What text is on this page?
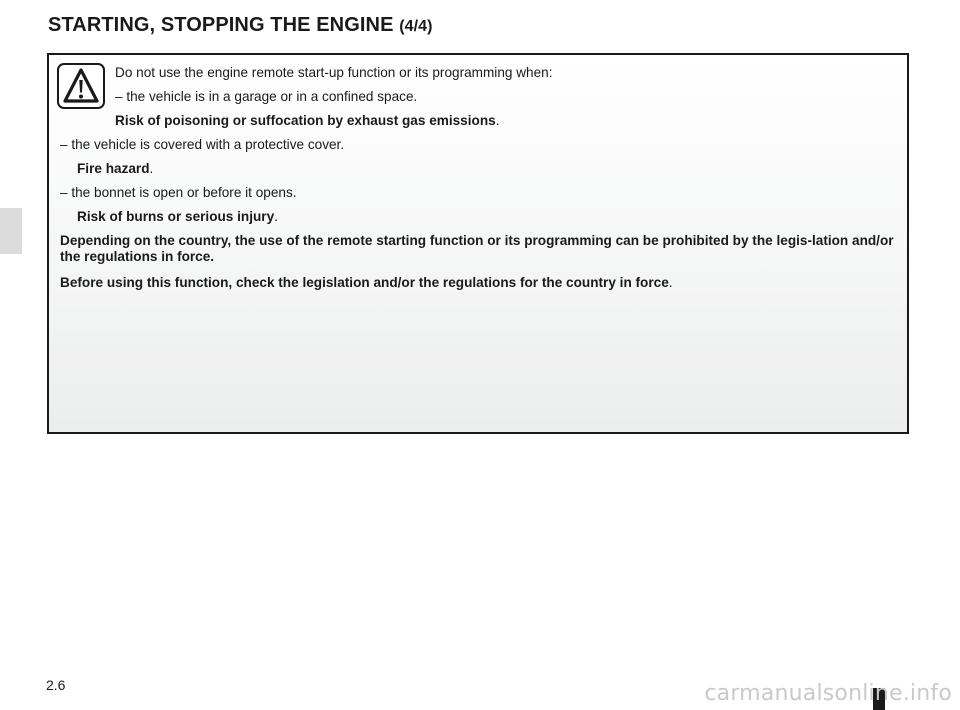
STARTING, STOPPING THE ENGINE (4/4)

Do not use the engine remote start-up function or its programming when:

– the vehicle is in a garage or in a confined space.

Risk of poisoning or suffocation by exhaust gas emissions.

– the vehicle is covered with a protective cover.

Fire hazard.

– the bonnet is open or before it opens.

Risk of burns or serious injury.

Depending on the country, the use of the remote starting function or its programming can be prohibited by the legis-lation and/or the regulations in force.

Before using this function, check the legislation and/or the regulations for the country in force.

2.6	carmanualsonline.info
